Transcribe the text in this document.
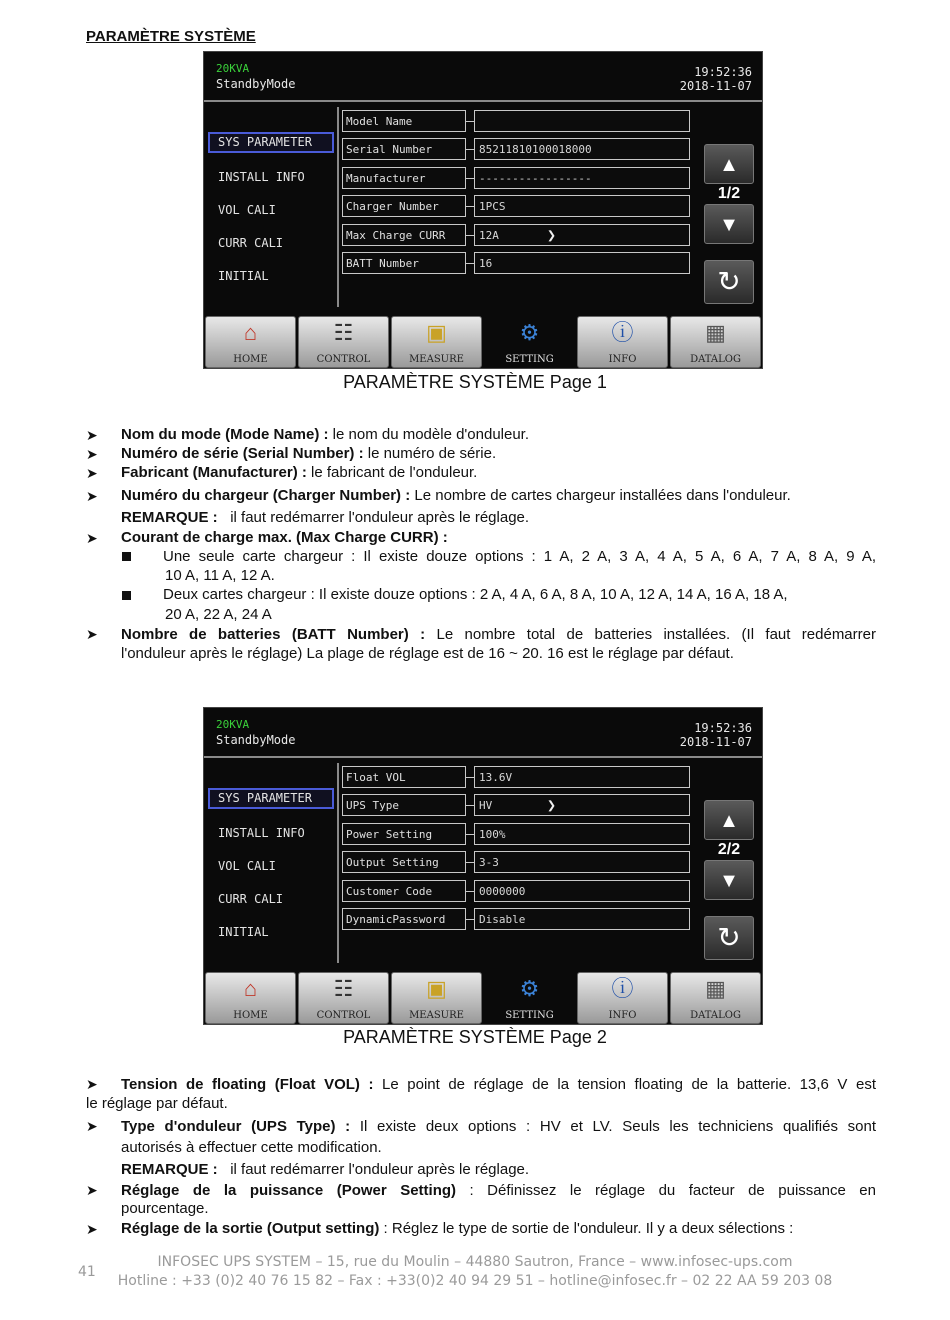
PARAMÈTRE SYSTÈME
20KVA
StandbyMode
19:52:36
2018-11-07
SYS PARAMETER
INSTALL INFO
VOL CALI
CURR CALI
INITIAL
Model Name
Serial Number	85211810100018000
Manufacturer	-----------------
Charger Number	1PCS
Max Charge CURR	12A	❯
BATT Number	16
▲
1/2
▼
↻
⌂
HOME
☷
CONTROL
▣
MEASURE
⚙
SETTING
ⓘ
INFO
▦
DATALOG
PARAMÈTRE SYSTÈME Page 1
➤ Nom du mode (Mode Name) : le nom du modèle d'onduleur.
➤ Numéro de série (Serial Number) : le numéro de série.
➤ Fabricant (Manufacturer) : le fabricant de l'onduleur.
➤ Numéro du chargeur (Charger Number) : Le nombre de cartes chargeur installées dans l'onduleur.
REMARQUE : il faut redémarrer l'onduleur après le réglage.
➤ Courant de charge max. (Max Charge CURR) :
Une seule carte chargeur : Il existe douze options : 1 A, 2 A, 3 A, 4 A, 5 A, 6 A, 7 A, 8 A, 9 A,
10 A, 11 A, 12 A.
Deux cartes chargeur : Il existe douze options : 2 A, 4 A, 6 A, 8 A, 10 A, 12 A, 14 A, 16 A, 18 A,
20 A, 22 A, 24 A
➤ Nombre de batteries (BATT Number) : Le nombre total de batteries installées. (Il faut redémarrer
l'onduleur après le réglage) La plage de réglage est de 16 ~ 20. 16 est le réglage par défaut.
20KVA
StandbyMode
19:52:36
2018-11-07
SYS PARAMETER
INSTALL INFO
VOL CALI
CURR CALI
INITIAL
Float VOL	13.6V
UPS Type	HV	❯
Power Setting	100%
Output Setting	3-3
Customer Code	0000000
DynamicPassword	Disable
▲
2/2
▼
↻
⌂
HOME
☷
CONTROL
▣
MEASURE
⚙
SETTING
ⓘ
INFO
▦
DATALOG
PARAMÈTRE SYSTÈME Page 2
➤ Tension de floating (Float VOL) : Le point de réglage de la tension floating de la batterie. 13,6 V est
le réglage par défaut.
➤ Type d'onduleur (UPS Type) : Il existe deux options : HV et LV. Seuls les techniciens qualifiés sont
autorisés à effectuer cette modification.
REMARQUE : il faut redémarrer l'onduleur après le réglage.
➤ Réglage de la puissance (Power Setting) : Définissez le réglage du facteur de puissance en
pourcentage.
➤ Réglage de la sortie (Output setting) : Réglez le type de sortie de l'onduleur. Il y a deux sélections :
41
INFOSEC UPS SYSTEM – 15, rue du Moulin – 44880 Sautron, France – www.infosec-ups.com
Hotline : +33 (0)2 40 76 15 82 – Fax : +33(0)2 40 94 29 51 – hotline@infosec.fr – 02 22 AA 59 203 08
